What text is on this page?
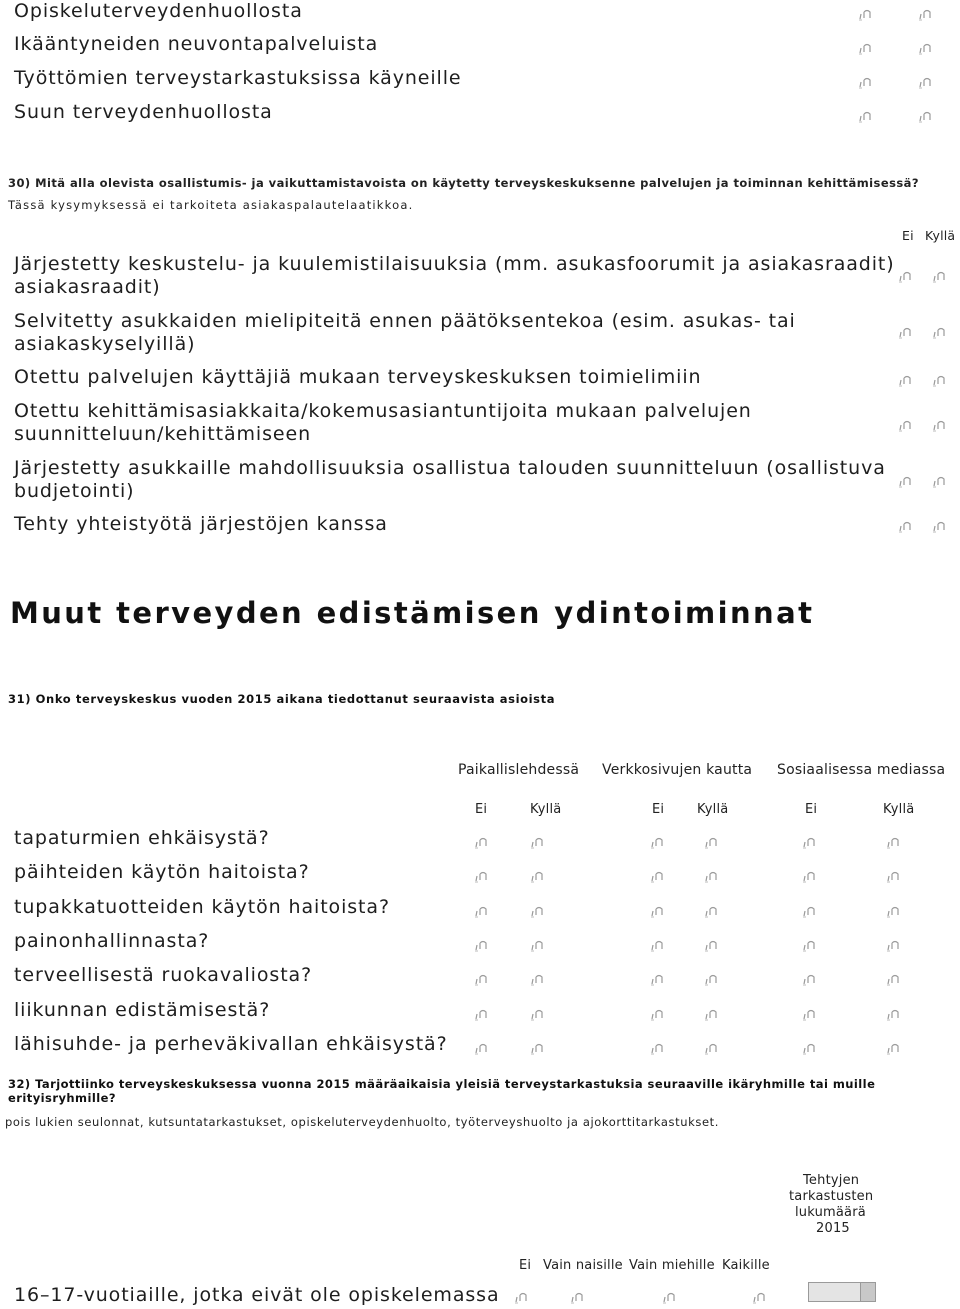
Opiskeluterveydenhuollosta
Ikääntyneiden neuvontapalveluista
Työttömien terveystarkastuksissa käyneille
Suun terveydenhuollosta
30) Mitä alla olevista osallistumis- ja vaikuttamistavoista on käytetty terveyskeskuksenne palvelujen ja toiminnan kehittämisessä?
Tässä kysymyksessä ei tarkoiteta asiakaspalautelaatikkoa.
Ei Kyllä
Järjestetty keskustelu- ja kuulemistilaisuuksia (mm. asukasfoorumit ja asiakasraadit)
asiakasraadit)
Selvitetty asukkaiden mielipiteitä ennen päätöksentekoa (esim. asukas- tai
asiakaskyselyillä)
Otettu palvelujen käyttäjiä mukaan terveyskeskuksen toimielimiin
Otettu kehittämisasiakkaita/kokemusasiantuntijoita mukaan palvelujen
suunnitteluun/kehittämiseen
Järjestetty asukkaille mahdollisuuksia osallistua talouden suunnitteluun (osallistuva
budjetointi)
Tehty yhteistyötä järjestöjen kanssa
Muut terveyden edistämisen ydintoiminnat
31) Onko terveyskeskus vuoden 2015 aikana tiedottanut seuraavista asioista
Paikallislehdessä Verkkosivujen kautta Sosiaalisessa mediassa
Ei	Kyllä	Ei	Kyllä	Ei	Kyllä
tapaturmien ehkäisystä?
päihteiden käytön haitoista?
tupakkatuotteiden käytön haitoista?
painonhallinnasta?
terveellisestä ruokavaliosta?
liikunnan edistämisestä?
lähisuhde- ja perheväkivallan ehkäisystä?
32) Tarjottiinko terveyskeskuksessa vuonna 2015 määräaikaisia yleisiä terveystarkastuksia seuraaville ikäryhmille tai muille
erityisryhmille?
pois lukien seulonnat, kutsuntatarkastukset, opiskeluterveydenhuolto, työterveyshuolto ja ajokorttitarkastukset.
Tehtyjen
tarkastusten
lukumäärä
2015
Ei Vain naisille Vain miehille Kaikille
16–17-vuotiaille, jotka eivät ole opiskelemassa
